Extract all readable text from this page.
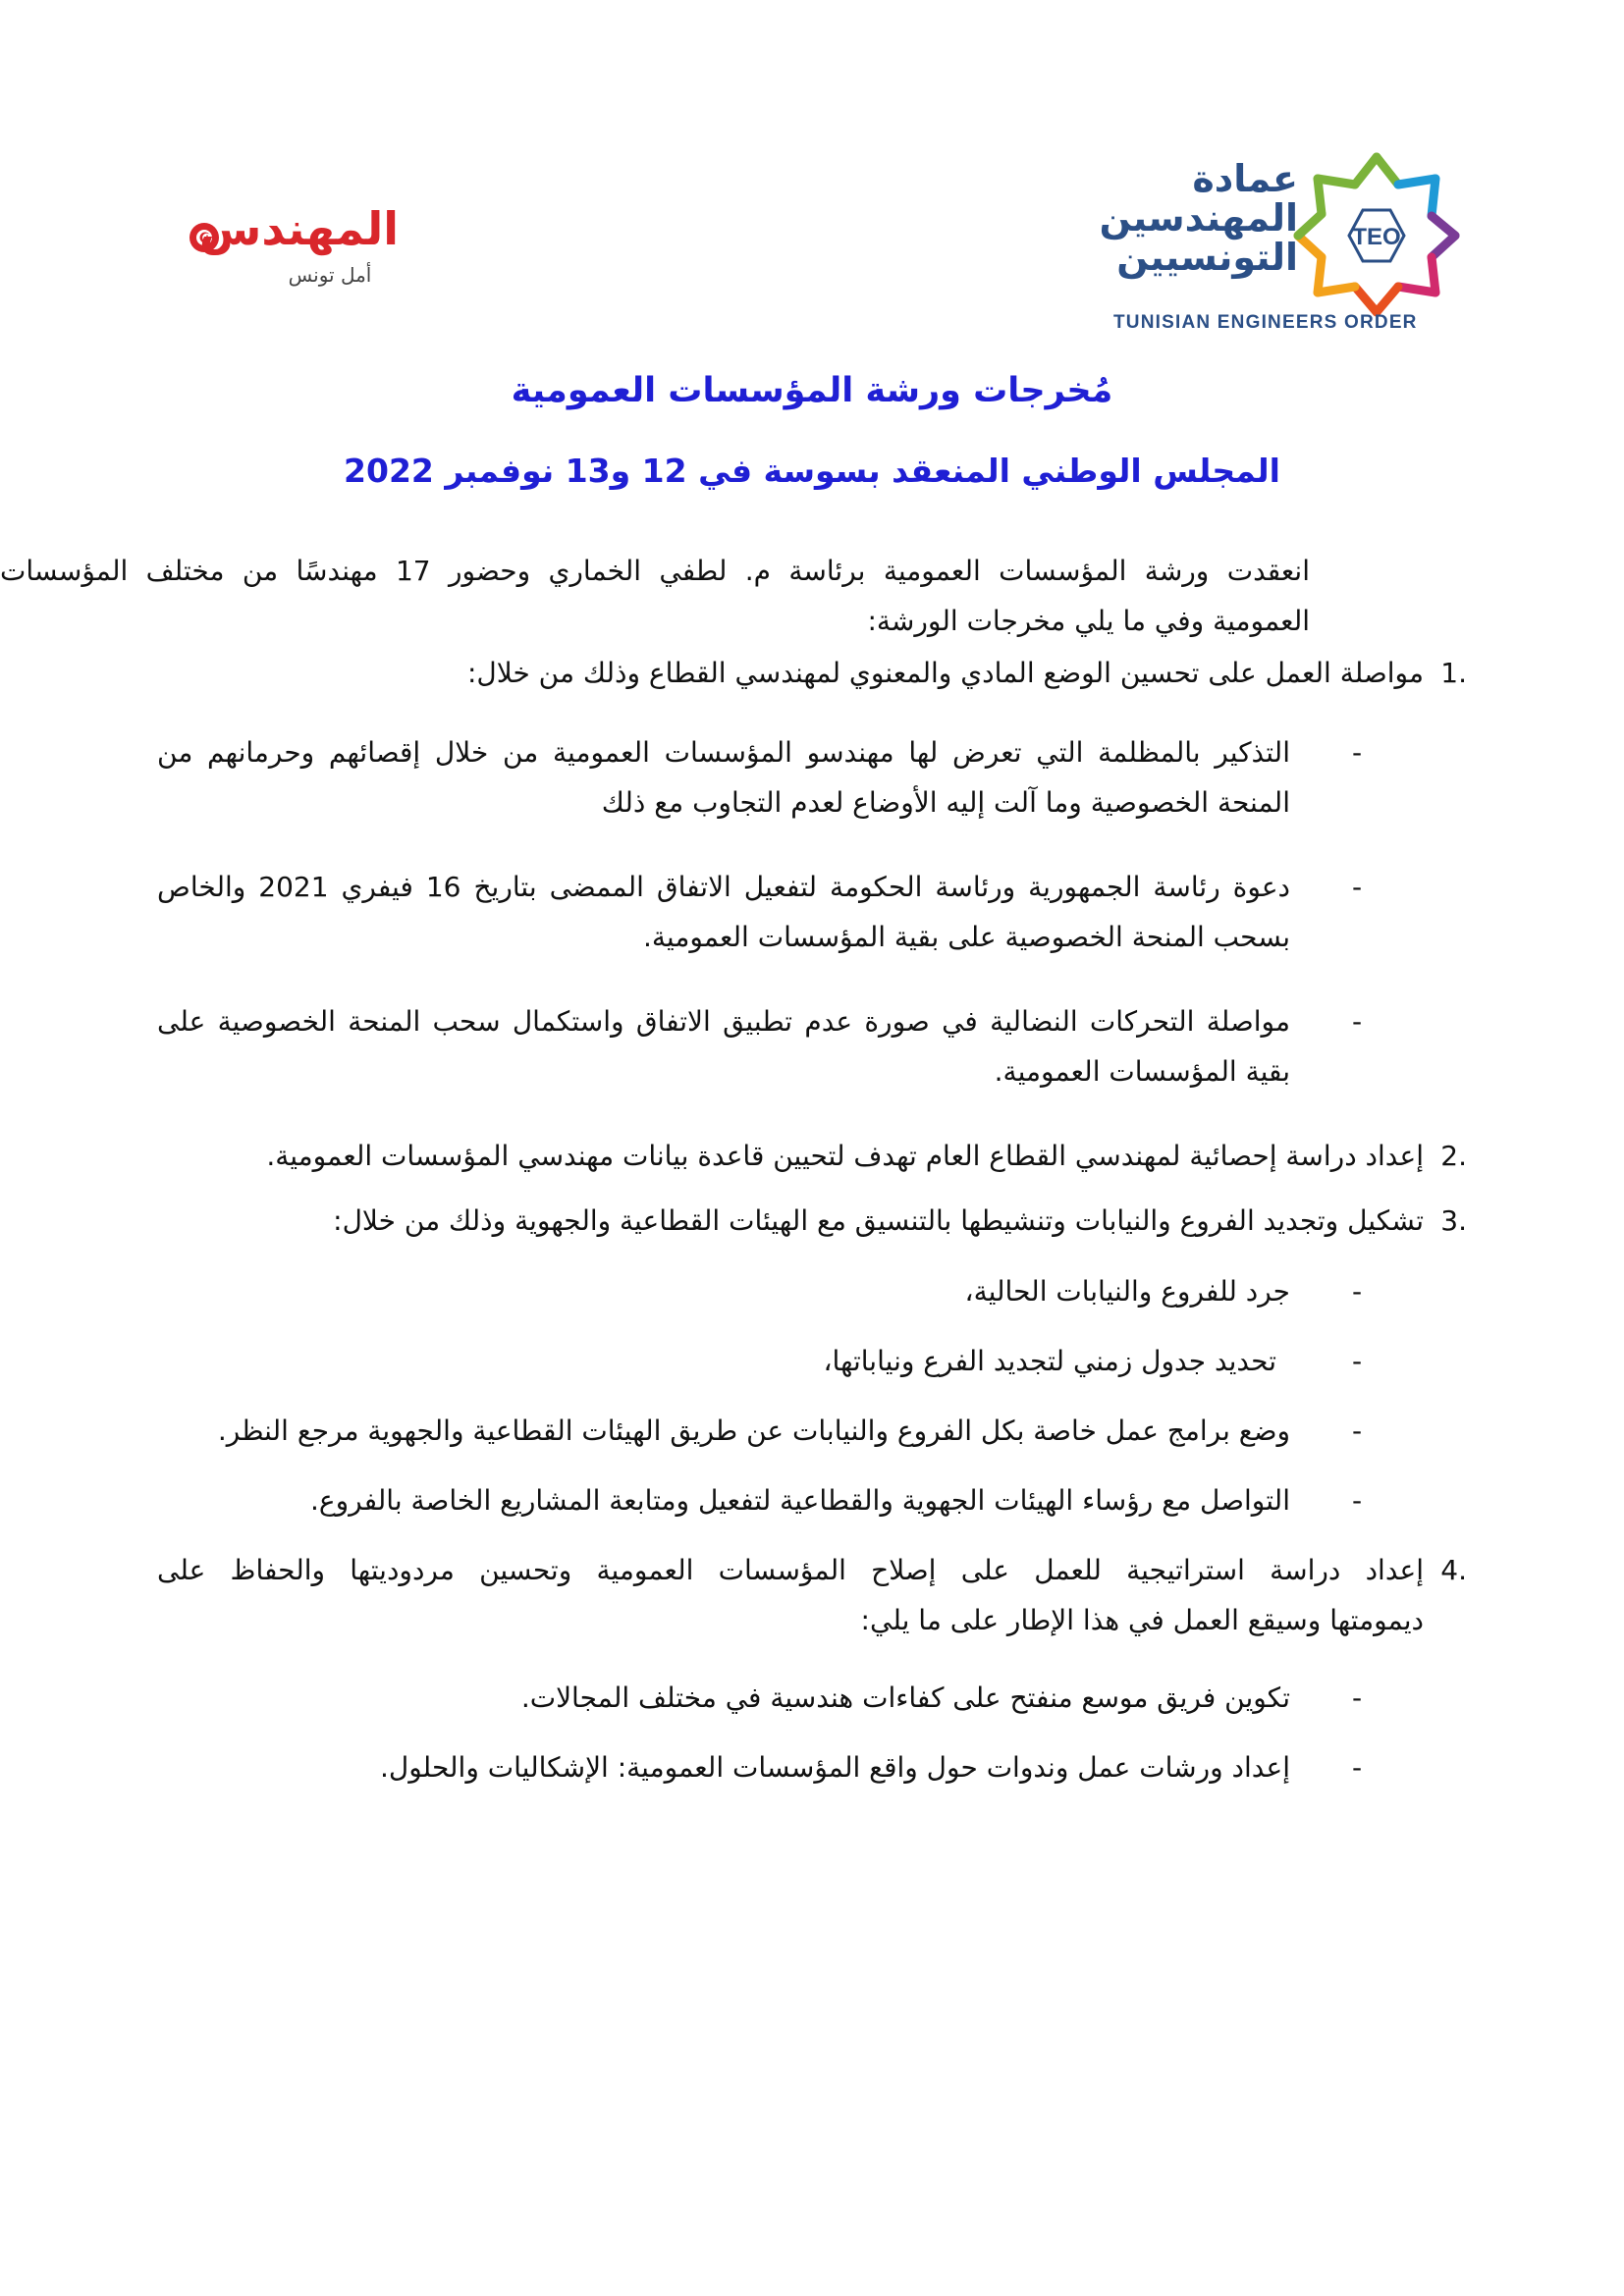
TEO
عمادة
المهندسين
التونسيين
TUNISIAN ENGINEERS ORDER
المهندس
أمل تونس
مُخرجات ورشة المؤسسات العمومية
المجلس الوطني المنعقد بسوسة في 12 و13 نوفمبر 2022
انعقدت ورشة المؤسسات العمومية برئاسة م. لطفي الخماري وحضور 17 مهندسًا من مختلف المؤسسات
العمومية وفي ما يلي مخرجات الورشة:
1.
مواصلة العمل على تحسين الوضع المادي والمعنوي لمهندسي القطاع وذلك من خلال:
-
التذكير بالمظلمة التي تعرض لها مهندسو المؤسسات العمومية من خلال إقصائهم وحرمانهم من
المنحة الخصوصية وما آلت إليه الأوضاع لعدم التجاوب مع ذلك
-
دعوة رئاسة الجمهورية ورئاسة الحكومة لتفعيل الاتفاق الممضى بتاريخ 16 فيفري 2021 والخاص
بسحب المنحة الخصوصية على بقية المؤسسات العمومية.
-
مواصلة التحركات النضالية في صورة عدم تطبيق الاتفاق واستكمال سحب المنحة الخصوصية على
بقية المؤسسات العمومية.
2.
إعداد دراسة إحصائية لمهندسي القطاع العام تهدف لتحيين قاعدة بيانات مهندسي المؤسسات العمومية.
3.
تشكيل وتجديد الفروع والنيابات وتنشيطها بالتنسيق مع الهيئات القطاعية والجهوية وذلك من خلال:
-
جرد للفروع والنيابات الحالية،
-
تحديد جدول زمني لتجديد الفرع ونياباتها،
-
وضع برامج عمل خاصة بكل الفروع والنيابات عن طريق الهيئات القطاعية والجهوية مرجع النظر.
-
التواصل مع رؤساء الهيئات الجهوية والقطاعية لتفعيل ومتابعة المشاريع الخاصة بالفروع.
4.
إعداد دراسة استراتيجية للعمل على إصلاح المؤسسات العمومية وتحسين مردوديتها والحفاظ على
ديمومتها وسيقع العمل في هذا الإطار على ما يلي:
-
تكوين فريق موسع منفتح على كفاءات هندسية في مختلف المجالات.
-
إعداد ورشات عمل وندوات حول واقع المؤسسات العمومية: الإشكاليات والحلول.
